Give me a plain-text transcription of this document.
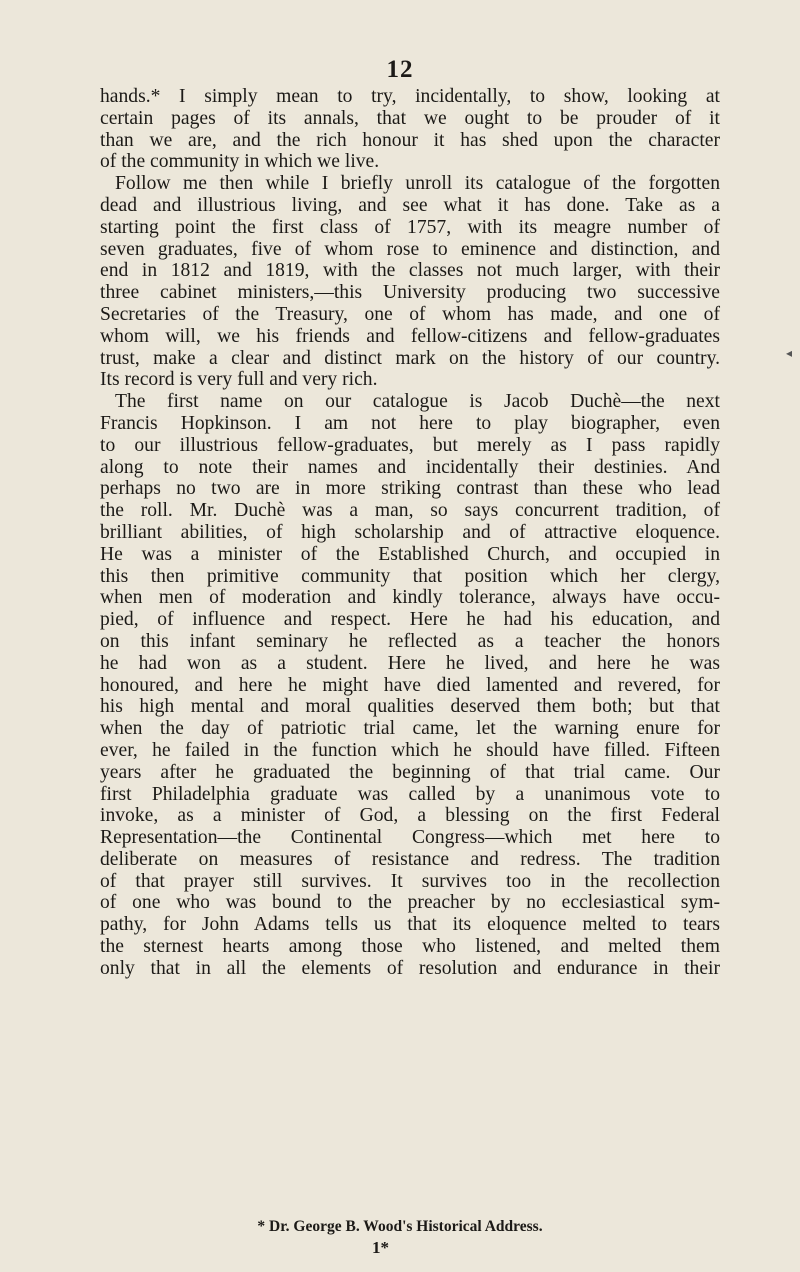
12
hands.* I simply mean to try, incidentally, to show, looking at
certain pages of its annals, that we ought to be prouder of it
than we are, and the rich honour it has shed upon the character
of the community in which we live.
Follow me then while I briefly unroll its catalogue of the forgotten
dead and illustrious living, and see what it has done. Take as a
starting point the first class of 1757, with its meagre number of
seven graduates, five of whom rose to eminence and distinction, and
end in 1812 and 1819, with the classes not much larger, with their
three cabinet ministers,—this University producing two successive
Secretaries of the Treasury, one of whom has made, and one of
whom will, we his friends and fellow-citizens and fellow-graduates
trust, make a clear and distinct mark on the history of our country.
Its record is very full and very rich.
The first name on our catalogue is Jacob Duchè—the next
Francis Hopkinson. I am not here to play biographer, even
to our illustrious fellow-graduates, but merely as I pass rapidly
along to note their names and incidentally their destinies. And
perhaps no two are in more striking contrast than these who lead
the roll. Mr. Duchè was a man, so says concurrent tradition, of
brilliant abilities, of high scholarship and of attractive eloquence.
He was a minister of the Established Church, and occupied in
this then primitive community that position which her clergy,
when men of moderation and kindly tolerance, always have occu-
pied, of influence and respect. Here he had his education, and
on this infant seminary he reflected as a teacher the honors
he had won as a student. Here he lived, and here he was
honoured, and here he might have died lamented and revered, for
his high mental and moral qualities deserved them both; but that
when the day of patriotic trial came, let the warning enure for
ever, he failed in the function which he should have filled. Fifteen
years after he graduated the beginning of that trial came. Our
first Philadelphia graduate was called by a unanimous vote to
invoke, as a minister of God, a blessing on the first Federal
Representation—the Continental Congress—which met here to
deliberate on measures of resistance and redress. The tradition
of that prayer still survives. It survives too in the recollection
of one who was bound to the preacher by no ecclesiastical sym-
pathy, for John Adams tells us that its eloquence melted to tears
the sternest hearts among those who listened, and melted them
only that in all the elements of resolution and endurance in their
* Dr. George B. Wood's Historical Address.
1*
◂
